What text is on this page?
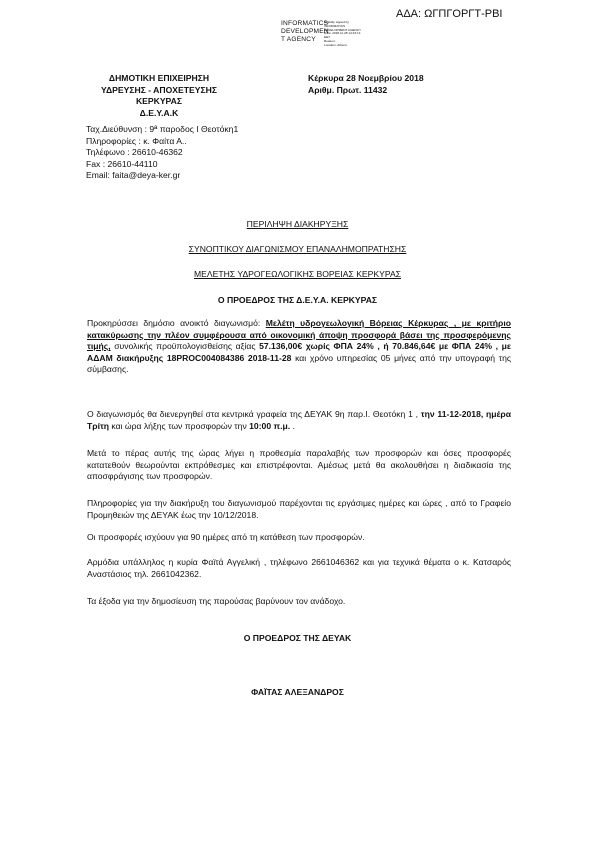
ΑΔΑ: ΩΓΠΓΟΡΓΤ-ΡΒΙ
INFORMATICS
DEVELOPMEN
T AGENCY
Digitally signed by
INFORMATICS
DEVELOPMENT AGENCY
Date: 2018.11.28 14:23:14
EET
Reason:
Location: Athens
ΔΗΜΟΤΙΚΗ ΕΠΙΧΕΙΡΗΣΗ
ΥΔΡΕΥΣΗΣ - ΑΠΟΧΕΤΕΥΣΗΣ
ΚΕΡΚΥΡΑΣ
Δ.Ε.Υ.Α.Κ
Κέρκυρα 28 Νοεμβρίου 2018
Αριθμ. Πρωτ. 11432
Ταχ.Διεύθυνση : 9ª παροδος Ι Θεοτόκη1
Πληροφορίες : κ. Φαίτα Α..
Τηλέφωνο : 26610-46362
Fax : 26610-44110
Email: faita@deya-ker.gr
ΠΕΡΙΛΗΨΗ ΔΙΑΚΗΡΥΞΗΣ
ΣΥΝΟΠΤΙΚΟΥ ΔΙΑΓΩΝΙΣΜΟΥ ΕΠΑΝΑΛΗΜΟΠΡΑΤΗΣΗΣ
ΜΕΛΕΤΗΣ ΥΔΡΟΓΕΩΛΟΓΙΚΗΣ ΒΟΡΕΙΑΣ ΚΕΡΚΥΡΑΣ
Ο ΠΡΟΕΔΡΟΣ ΤΗΣ Δ.Ε.Υ.Α. ΚΕΡΚΥΡΑΣ
Προκηρύσσει δημόσιο ανοικτό διαγωνισμό: Μελέτη υδρογεωλογική Βόρειας Κέρκυρας , με κριτήριο κατακύρωσης την πλέον συμφέρουσα από οικονομική άποψη προσφορά βάσει της προσφερόμενης τιμής, συνολικής προϋπολογισθείσης αξίας 57.136,00€ χωρίς ΦΠΑ 24% , ή 70.846,64€ με ΦΠΑ 24% , με ΑΔΑΜ διακήρυξης 18PROC004084386 2018-11-28 και χρόνο υπηρεσίας 05 μήνες από την υπογραφή της σύμβασης.
Ο διαγωνισμός θα διενεργηθεί στα κεντρικά γραφεία της ΔΕΥΑΚ 9η παρ.Ι. Θεοτόκη 1 , την 11-12-2018, ημέρα Τρίτη και ώρα λήξης των προσφορών την 10:00 π.μ. .
Μετά το πέρας αυτής της ώρας λήγει η προθεσμία παραλαβής των προσφορών και όσες προσφορές κατατεθούν θεωρούνται εκπρόθεσμες και επιστρέφονται. Αμέσως μετά θα ακολουθήσει η διαδικασία της αποσφράγισης των προσφορών.
Πληροφορίες για την διακήρυξη του διαγωνισμού παρέχονται τις εργάσιμες ημέρες και ώρες , από το Γραφείο Προμηθειών της ΔΕΥΑΚ έως την 10/12/2018.
Οι προσφορές ισχύουν για 90 ημέρες από τη κατάθεση των προσφορών.
Αρμόδια υπάλληλος η κυρία Φαϊτά Αγγελική , τηλέφωνο 2661046362 και για τεχνικά θέματα ο κ. Κατσαρός Αναστάσιος τηλ. 2661042362.
Τα έξοδα για την δημοσίευση της παρούσας βαρύνουν τον ανάδοχο.
Ο ΠΡΟΕΔΡΟΣ ΤΗΣ ΔΕΥΑΚ
ΦΑΪΤΑΣ ΑΛΕΞΑΝΔΡΟΣ
